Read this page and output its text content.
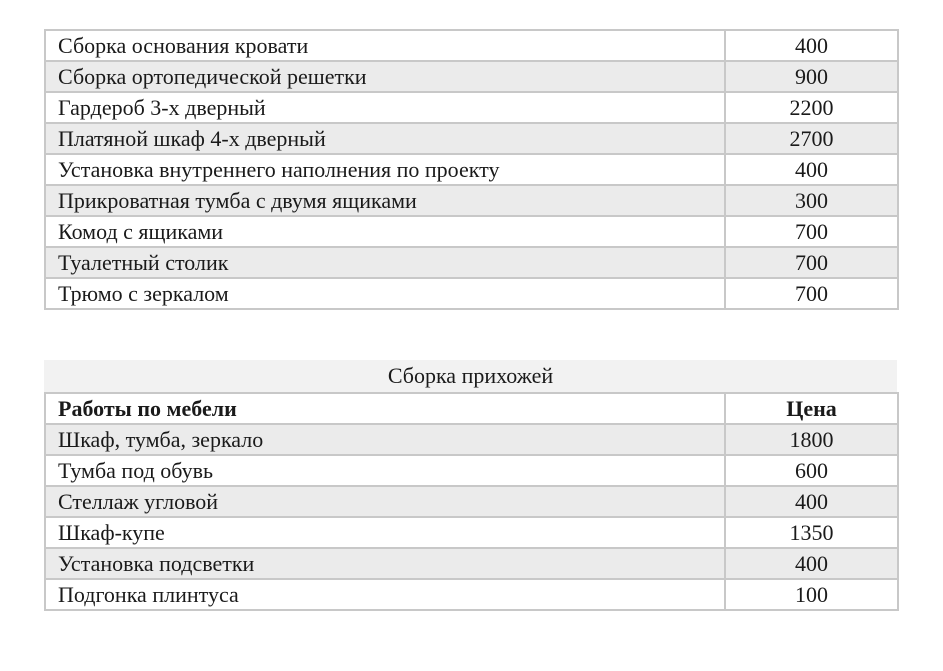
Сборка основания кровати	400
Сборка ортопедической решетки	900
Гардероб 3-х дверный	2200
Платяной шкаф 4-х дверный	2700
Установка внутреннего наполнения по проекту	400
Прикроватная тумба с двумя ящиками	300
Комод с ящиками	700
Туалетный столик	700
Трюмо с зеркалом	700
Сборка прихожей
Работы по мебели	Цена
Шкаф, тумба, зеркало	1800
Тумба под обувь	600
Стеллаж угловой	400
Шкаф-купе	1350
Установка подсветки	400
Подгонка плинтуса	100
